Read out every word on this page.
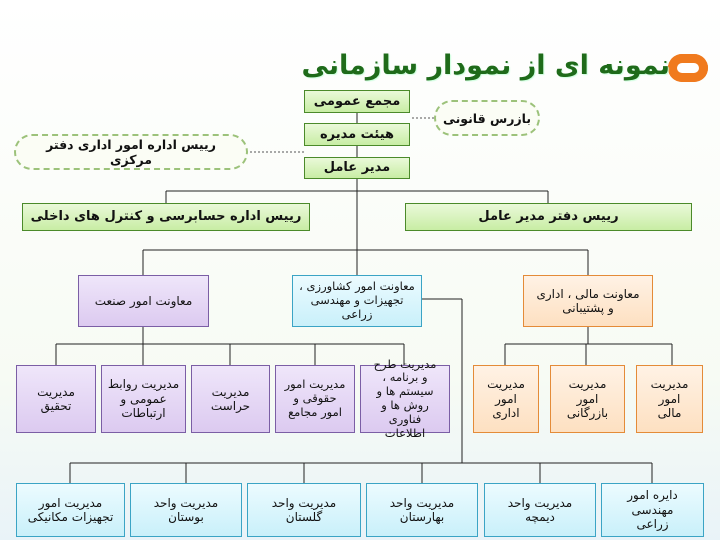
نمونه ای از نمودار سازمانی
مجمع عمومی
هیئت مدیره
مدیر عامل
بازرس قانونی
رییس اداره امور اداری دفتر مرکزی
رییس اداره حسابرسی و کنترل های داخلی	رییس دفتر مدیر عامل
معاونت امور صنعت
معاونت امور کشاورزی ، تجهیزات و مهندسی زراعی
معاونت مالی ، اداری و پشتیبانی
مدیریت تحقیق
مدیریت روابط عمومی و ارتباطات
مدیریت حراست
مدیریت امور حقوقی و امور مجامع
مدیریت طرح و برنامه ، سیستم ها و روش ها و فناوری اطلاعات
مدیریت امور اداری
مدیریت امور بازرگانی
مدیریت امور مالی
مدیریت امور تجهیزات مکانیکی
مدیریت واحد بوستان
مدیریت واحد گلستان
مدیریت واحد بهارستان
مدیریت واحد دیمچه
دایره امور مهندسی زراعی
